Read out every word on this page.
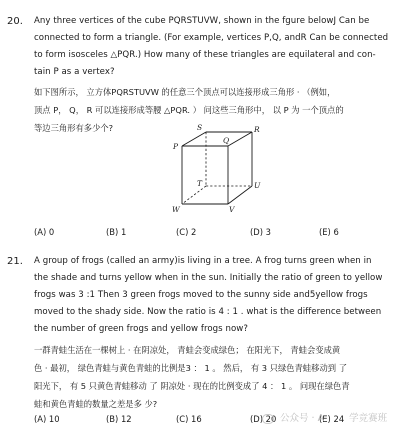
20. Any three vertices of the cube PQRSTUVW, shown in the fgure belowJ Can be
connected to form a triangle. (For example, vertices P,Q, andR Can be connected
to form isosceles △PQR.) How many of these triangles are equilateral and con-
tain P as a vertex?
如下图所示， 立方体PQRSTUVW 的任意三个顶点可以连接形成三角形 · （例如，
顶点 P， Q， R 可以连接形成等腰 △PQR. ） 问这些三角形中， 以 P 为 一个顶点的
等边三角形有多少个?	S	R
P
Q
T	U
W	V
(A) 0	(B) 1	(C) 2	(D) 3	(E) 6
21. A group of frogs (called an army)is living in a tree. A frog turns green when in
the shade and turns yellow when in the sun. Initially the ratio of green to yellow
frogs was 3 :1 Then 3 green frogs moved to the sunny side and5yellow frogs
moved to the shady side. Now the ratio is 4 : 1 . what is the difference between
the number of green frogs and yellow frogs now?
一群青蛙生活在一棵树上 · 在阴凉处， 青蛙会变成绿色； 在阳光下， 青蛙会变成黄
色 · 最初， 绿色青蛙与黄色青蛙的比例是3 ： 1 。 然后， 有 3 只绿色青蛙移动到 了
阳光下， 有 5 只黄色青蛙移动 了 阴凉处 · 现在的比例变成了 4 ： 1 。 问现在绿色青
蛙和黄色青蛙的数量之差是多 少?
(A) 10	(B) 12	(C) 16	(D) 20	(E) 24
公众号 · A	学竞赛班
